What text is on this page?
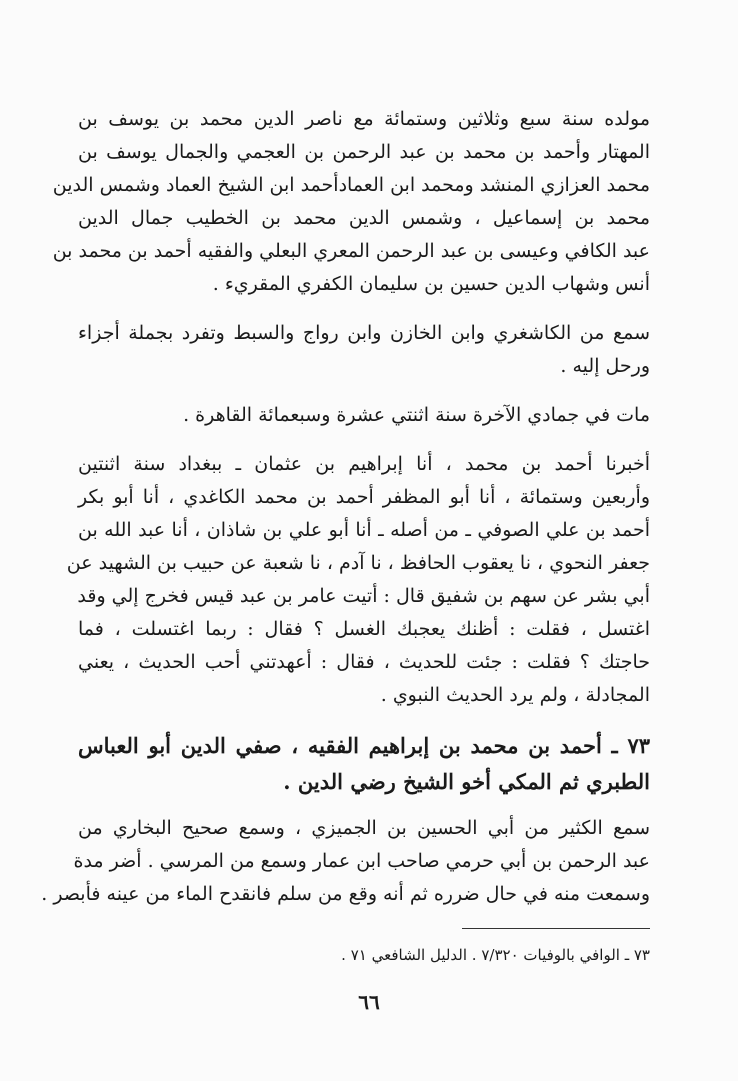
مولده سنة سبع وثلاثين وستمائة مع ناصر الدين محمد بن يوسف بن
المهتار وأحمد بن محمد بن عبد الرحمن بن العجمي والجمال يوسف بن
محمد العزازي المنشد ومحمد ابن العمادأحمد ابن الشيخ العماد وشمس الدين
محمد بن إسماعيل ، وشمس الدين محمد بن الخطيب جمال الدين
عبد الكافي وعيسى بن عبد الرحمن المعري البعلي والفقيه أحمد بن محمد بن
أنس وشهاب الدين حسين بن سليمان الكفري المقريء .
سمع من الكاشغري وابن الخازن وابن رواج والسبط وتفرد بجملة أجزاء
ورحل إليه .
مات في جمادي الآخرة سنة اثنتي عشرة وسبعمائة القاهرة .
أخبرنا أحمد بن محمد ، أنا إبراهيم بن عثمان ـ ببغداد سنة اثنتين
وأربعين وستمائة ، أنا أبو المظفر أحمد بن محمد الكاغدي ، أنا أبو بكر
أحمد بن علي الصوفي ـ من أصله ـ أنا أبو علي بن شاذان ، أنا عبد الله بن
جعفر النحوي ، نا يعقوب الحافظ ، نا آدم ، نا شعبة عن حبيب بن الشهيد عن
أبي بشر عن سهم بن شفيق قال : أتيت عامر بن عبد قيس فخرج إلي وقد
اغتسل ، فقلت : أظنك يعجبك الغسل ؟ فقال : ربما اغتسلت ، فما
حاجتك ؟ فقلت : جئت للحديث ، فقال : أعهدتني أحب الحديث ، يعني
المجادلة ، ولم يرد الحديث النبوي .
٧٣ ـ أحمد بن محمد بن إبراهيم الفقيه ، صفي الدين أبو العباس
الطبري ثم المكي أخو الشيخ رضي الدين .
سمع الكثير من أبي الحسين بن الجميزي ، وسمع صحيح البخاري من
عبد الرحمن بن أبي حرمي صاحب ابن عمار وسمع من المرسي . أضر مدة
وسمعت منه في حال ضرره ثم أنه وقع من سلم فانقدح الماء من عينه فأبصر .
٧٣ ـ الوافي بالوفيات ٧/٣٢٠ . الدليل الشافعي ٧١ .
٦٦
